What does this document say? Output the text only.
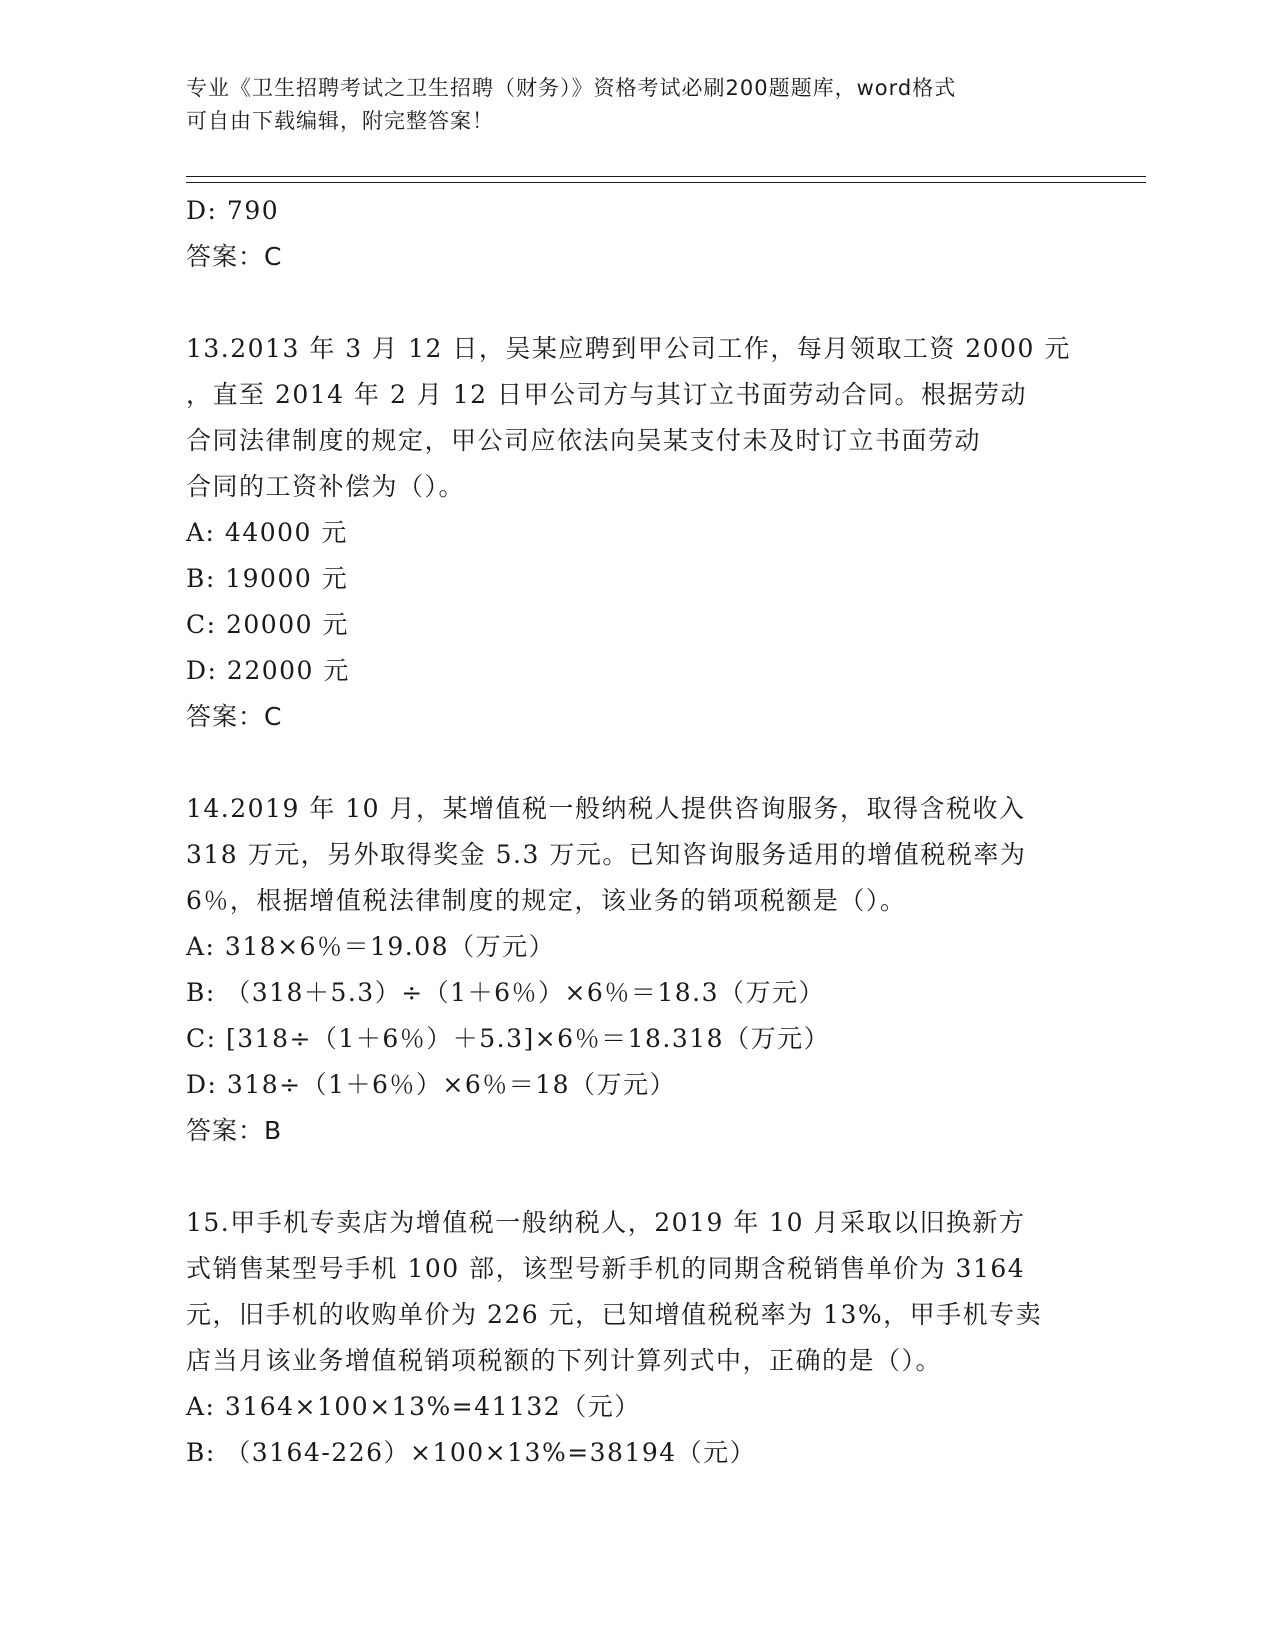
专业《卫生招聘考试之卫生招聘（财务）》资格考试必刷200题题库，word格式
可自由下载编辑，附完整答案！
D: 790
答案：C
13.2013 年 3 月 12 日，吴某应聘到甲公司工作，每月领取工资 2000 元
，直至 2014 年 2 月 12 日甲公司方与其订立书面劳动合同。根据劳动
合同法律制度的规定，甲公司应依法向吴某支付未及时订立书面劳动
合同的工资补偿为（）。
A: 44000 元
B: 19000 元
C: 20000 元
D: 22000 元
答案：C
14.2019 年 10 月，某增值税一般纳税人提供咨询服务，取得含税收入
318 万元，另外取得奖金 5.3 万元。已知咨询服务适用的增值税税率为
6％，根据增值税法律制度的规定，该业务的销项税额是（）。
A: 318×6％＝19.08（万元）
B: （318＋5.3）÷（1＋6％）×6％＝18.3（万元）
C: [318÷（1＋6％）＋5.3]×6％＝18.318（万元）
D: 318÷（1＋6％）×6％＝18（万元）
答案：B
15.甲手机专卖店为增值税一般纳税人，2019 年 10 月采取以旧换新方
式销售某型号手机 100 部，该型号新手机的同期含税销售单价为 3164
元，旧手机的收购单价为 226 元，已知增值税税率为 13%，甲手机专卖
店当月该业务增值税销项税额的下列计算列式中，正确的是（）。
A: 3164×100×13%=41132（元）
B: （3164-226）×100×13%=38194（元）
